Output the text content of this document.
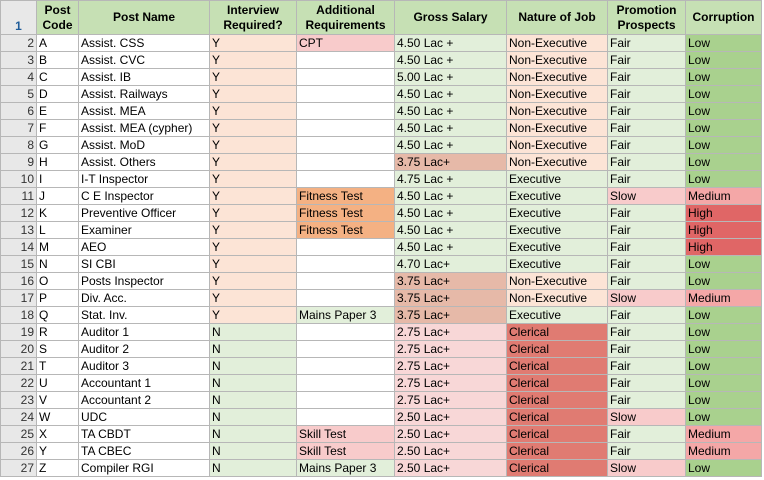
1	Post Code	Post Name	Interview Required?	Additional Requirements	Gross Salary	Nature of Job	Promotion Prospects	Corruption
2	A	Assist. CSS	Y	CPT	4.50 Lac +	Non-Executive	Fair	Low
3	B	Assist. CVC	Y		4.50 Lac +	Non-Executive	Fair	Low
4	C	Assist. IB	Y		5.00 Lac +	Non-Executive	Fair	Low
5	D	Assist. Railways	Y		4.50 Lac +	Non-Executive	Fair	Low
6	E	Assist. MEA	Y		4.50 Lac +	Non-Executive	Fair	Low
7	F	Assist. MEA (cypher)	Y		4.50 Lac +	Non-Executive	Fair	Low
8	G	Assist. MoD	Y		4.50 Lac +	Non-Executive	Fair	Low
9	H	Assist. Others	Y		3.75 Lac+	Non-Executive	Fair	Low
10	I	I-T Inspector	Y		4.75 Lac +	Executive	Fair	Low
11	J	C E Inspector	Y	Fitness Test	4.50 Lac +	Executive	Slow	Medium
12	K	Preventive Officer	Y	Fitness Test	4.50 Lac +	Executive	Fair	High
13	L	Examiner	Y	Fitness Test	4.50 Lac +	Executive	Fair	High
14	M	AEO	Y		4.50 Lac +	Executive	Fair	High
15	N	SI CBI	Y		4.70 Lac+	Executive	Fair	Low
16	O	Posts Inspector	Y		3.75 Lac+	Non-Executive	Fair	Low
17	P	Div. Acc.	Y		3.75 Lac+	Non-Executive	Slow	Medium
18	Q	Stat. Inv.	Y	Mains Paper 3	3.75 Lac+	Executive	Fair	Low
19	R	Auditor 1	N		2.75 Lac+	Clerical	Fair	Low
20	S	Auditor 2	N		2.75 Lac+	Clerical	Fair	Low
21	T	Auditor 3	N		2.75 Lac+	Clerical	Fair	Low
22	U	Accountant 1	N		2.75 Lac+	Clerical	Fair	Low
23	V	Accountant 2	N		2.75 Lac+	Clerical	Fair	Low
24	W	UDC	N		2.50 Lac+	Clerical	Slow	Low
25	X	TA CBDT	N	Skill Test	2.50 Lac+	Clerical	Fair	Medium
26	Y	TA CBEC	N	Skill Test	2.50 Lac+	Clerical	Fair	Medium
27	Z	Compiler RGI	N	Mains Paper 3	2.50 Lac+	Clerical	Slow	Low
